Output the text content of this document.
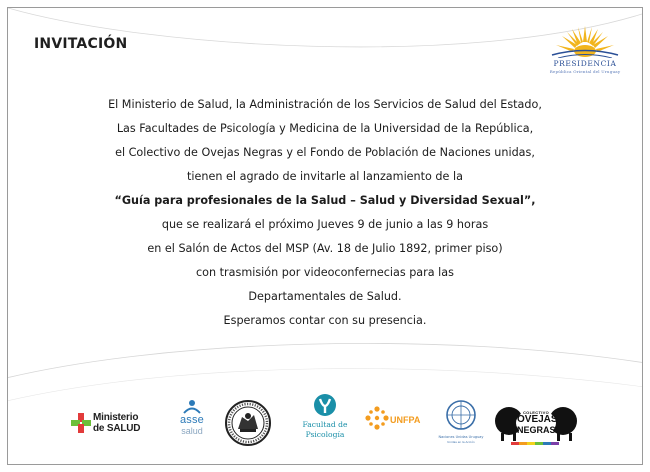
INVITACIÓN
PRESIDENCIA
República Oriental del Uruguay

El Ministerio de Salud, la Administración de los Servicios de Salud del Estado,

Las Facultades de Psicología y Medicina de la Universidad de la República,

el Colectivo de Ovejas Negras y el Fondo de Población de Naciones unidas,

tienen el agrado de invitarle al lanzamiento de la

“Guía para profesionales de la Salud – Salud y Diversidad Sexual”,

que se realizará el próximo Jueves 9 de junio a las 9 horas

en el Salón de Actos del MSP (Av. 18 de Julio 1892, primer piso)

con trasmisión por videoconfernecias para las

Departamentales de Salud.

Esperamos contar con su presencia.

Ministerio
de SALUD
asse
salud
Facultad de
Psicología
UNFPA
Naciones Unidas Uruguay
Unidas en la Acción
COLECTIVO
OVEJAS
NEGRAS
